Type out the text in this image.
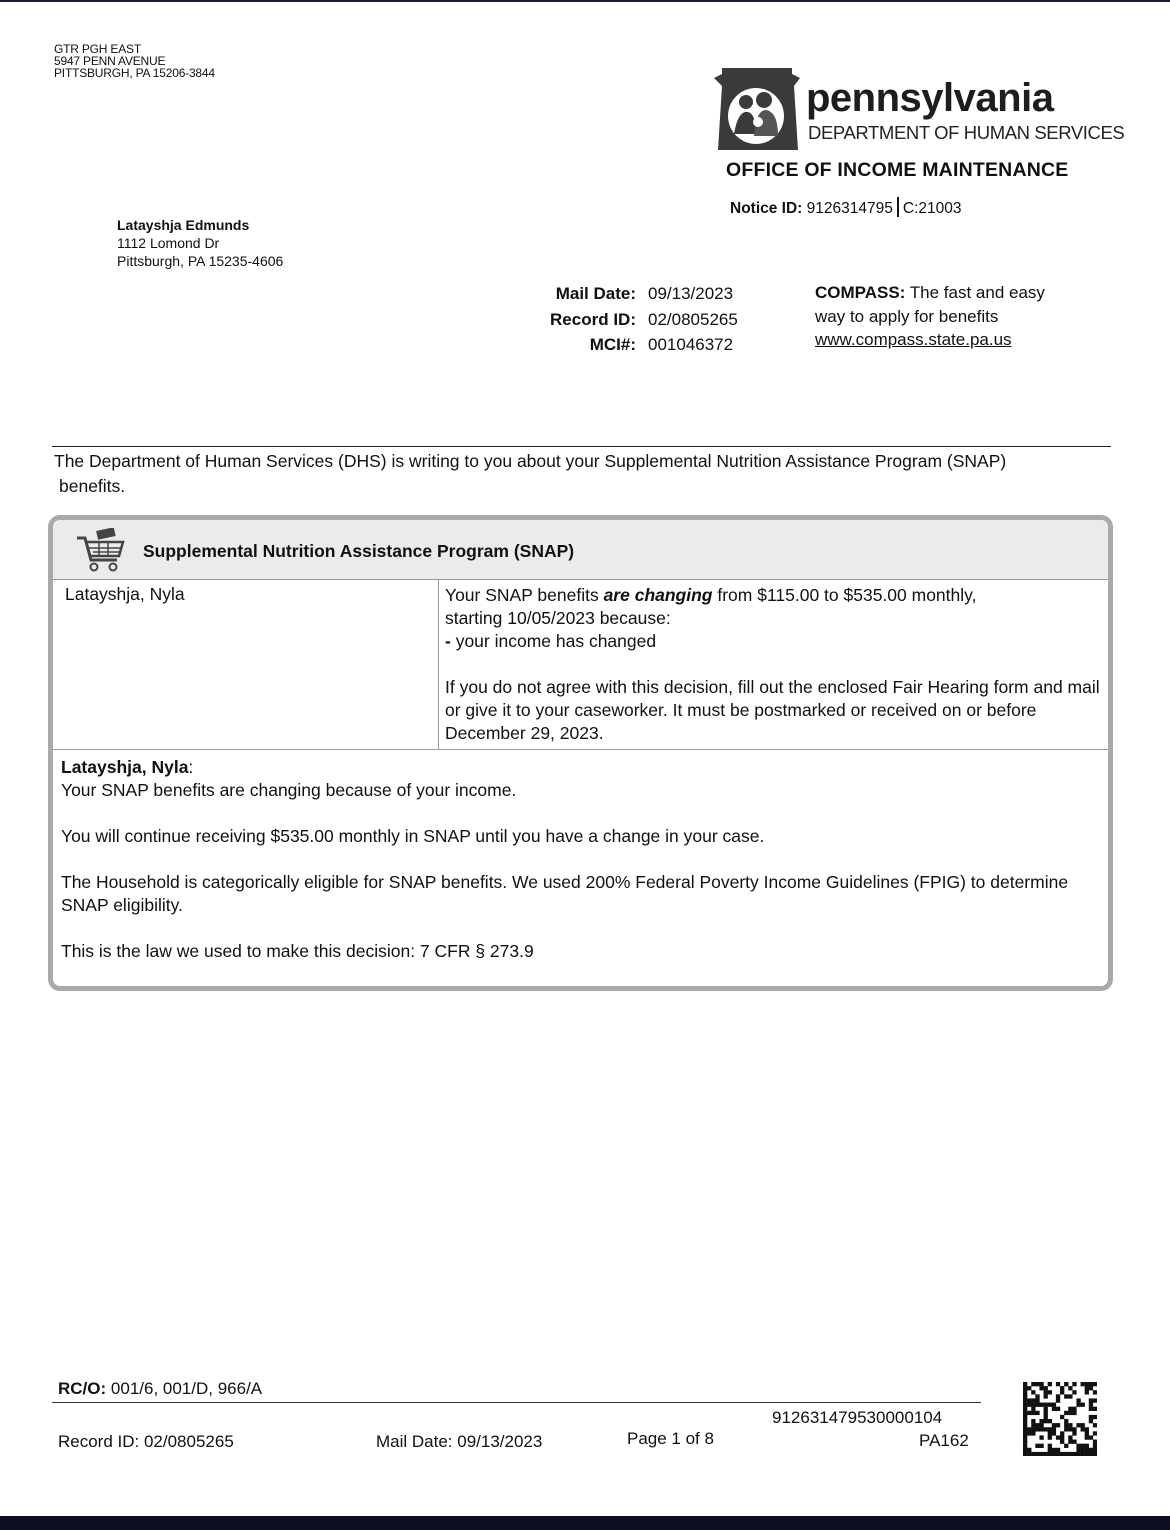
GTR PGH EAST
5947 PENN AVENUE
PITTSBURGH, PA 15206-3844
pennsylvania
DEPARTMENT OF HUMAN SERVICES
OFFICE OF INCOME MAINTENANCE
Notice ID: 9126314795 C:21003
Latayshja Edmunds
1112 Lomond Dr
Pittsburgh, PA 15235-4606
Mail Date: 09/13/2023
Record ID: 02/0805265
MCI#: 001046372
COMPASS: The fast and easy
way to apply for benefits
www.compass.state.pa.us

The Department of Human Services (DHS) is writing to you about your Supplemental Nutrition Assistance Program (SNAP)

benefits.

Supplemental Nutrition Assistance Program (SNAP)
Latayshja, Nyla	Your SNAP benefits are changing from $115.00 to $535.00 monthly,

starting 10/05/2023 because:

- your income has changed

If you do not agree with this decision, fill out the enclosed Fair Hearing form and mail or give it to your caseworker. It must be postmarked or received on or before December 29, 2023.

Latayshja, Nyla:

Your SNAP benefits are changing because of your income.

You will continue receiving $535.00 monthly in SNAP until you have a change in your case.

The Household is categorically eligible for SNAP benefits. We used 200% Federal Poverty Income Guidelines (FPIG) to determine SNAP eligibility.

This is the law we used to make this decision: 7 CFR § 273.9

RC/O: 001/6, 001/D, 966/A
Record ID: 02/0805265	Mail Date: 09/13/2023	Page 1 of 8
912631479530000104
PA162
